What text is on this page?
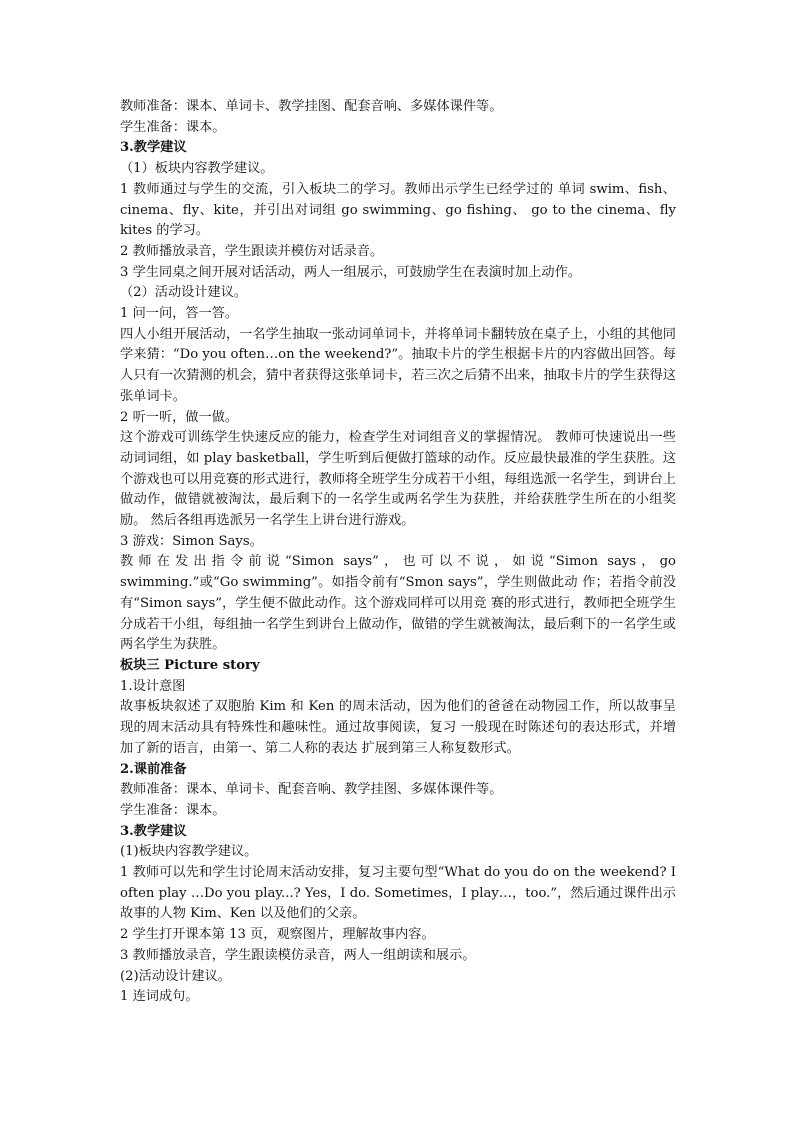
教师准备：课本、单词卡、教学挂图、配套音响、多媒体课件等。
学生准备：课本。
3.教学建议
（1）板块内容教学建议。
1 教师通过与学生的交流，引入板块二的学习。教师出示学生已经学过的 单词 swim、fish、cinema、fly、kite，并引出对词组 go swimming、go fishing、 go to the cinema、fly kites 的学习。
2 教师播放录音，学生跟读并模仿对话录音。
3 学生同桌之间开展对话活动，两人一组展示，可鼓励学生在表演时加上动作。
（2）活动设计建议。
1 问一问，答一答。
四人小组开展活动，一名学生抽取一张动词单词卡，并将单词卡翻转放在桌子上，小组的其他同学来猜：“Do you often…on the weekend?”。抽取卡片的学生根据卡片的内容做出回答。每人只有一次猜测的机会，猜中者获得这张单词卡，若三次之后猜不出来，抽取卡片的学生获得这张单词卡。
2 听一听，做一做。
这个游戏可训练学生快速反应的能力，检查学生对词组音义的掌握情况。 教师可快速说出一些动词词组，如 play basketball，学生听到后便做打篮球的动作。反应最快最准的学生获胜。这个游戏也可以用竞赛的形式进行，教师将全班学生分成若干小组，每组选派一名学生，到讲台上做动作，做错就被淘汰，最后剩下的一名学生或两名学生为获胜，并给获胜学生所在的小组奖励。 然后各组再选派另一名学生上讲台进行游戏。
3 游戏：Simon Says。
教师在发出指令前说“Simon says”，也可以不说，如说“Simon says，go swimming.”或“Go swimming”。如指令前有“Smon says”，学生则做此动 作；若指令前没有“Simon says”，学生便不做此动作。这个游戏同样可以用竞 赛的形式进行，教师把全班学生分成若干小组，每组抽一名学生到讲台上做动作，做错的学生就被淘汰，最后剩下的一名学生或两名学生为获胜。
板块三 Picture story
1.设计意图
故事板块叙述了双胞胎 Kim 和 Ken 的周末活动，因为他们的爸爸在动物园工作，所以故事呈现的周末活动具有特殊性和趣味性。通过故事阅读，复习 一般现在时陈述句的表达形式，并增加了新的语言，由第一、第二人称的表达 扩展到第三人称复数形式。
2.课前准备
教师准备：课本、单词卡、配套音响、教学挂图、多媒体课件等。
学生准备：课本。
3.教学建议
(1)板块内容教学建议。
1 教师可以先和学生讨论周末活动安排，复习主要句型“What do you do on the weekend? I often play …Do you play...? Yes，I do. Sometimes，I play…，too.”，然后通过课件出示故事的人物 Kim、Ken 以及他们的父亲。
2 学生打开课本第 13 页，观察图片，理解故事内容。
3 教师播放录音，学生跟读模仿录音，两人一组朗读和展示。
(2)活动设计建议。
1 连词成句。
